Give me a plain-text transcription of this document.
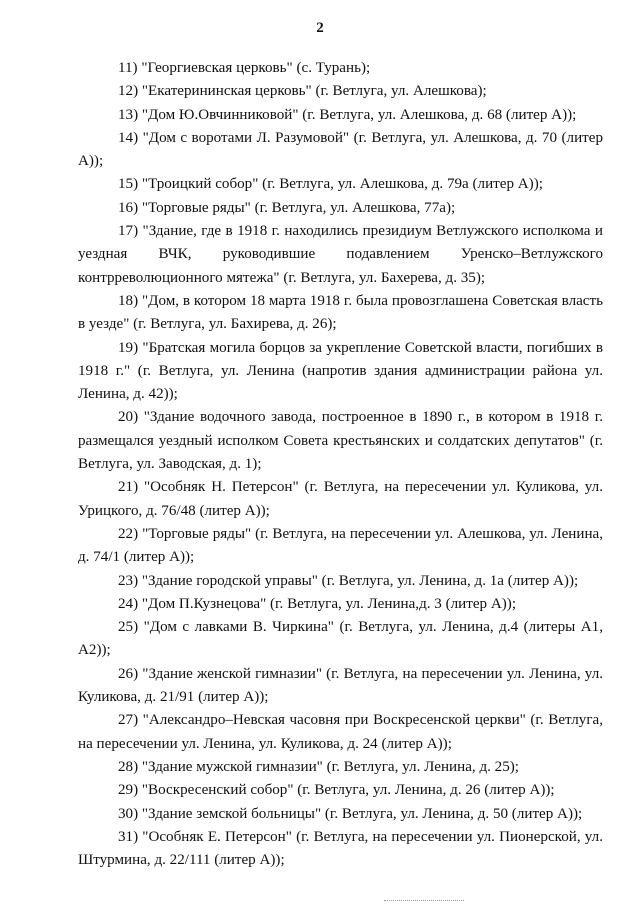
2

11) "Георгиевская церковь" (с. Турань);

12) "Екатерининская церковь" (г. Ветлуга, ул. Алешкова);

13) "Дом Ю.Овчинниковой" (г. Ветлуга, ул. Алешкова, д. 68 (литер А));

14) "Дом с воротами Л. Разумовой" (г. Ветлуга, ул. Алешкова, д. 70 (литер А));

15) "Троицкий собор" (г. Ветлуга, ул. Алешкова, д. 79а (литер А));

16) "Торговые ряды" (г. Ветлуга, ул. Алешкова, 77а);

17) "Здание, где в 1918 г. находились президиум Ветлужского исполкома и уездная ВЧК, руководившие подавлением Уренско–Ветлужского контрреволюционного мятежа" (г. Ветлуга, ул. Бахерева, д. 35);

18) "Дом, в котором 18 марта 1918 г. была провозглашена Советская власть в уезде" (г. Ветлуга, ул. Бахирева, д. 26);

19) "Братская могила борцов за укрепление Советской власти, погибших в 1918 г." (г. Ветлуга, ул. Ленина (напротив здания администрации района ул. Ленина, д. 42));

20) "Здание водочного завода, построенное в 1890 г., в котором в 1918 г. размещался уездный исполком Совета крестьянских и солдатских депутатов" (г. Ветлуга, ул. Заводская, д. 1);

21) "Особняк Н. Петерсон" (г. Ветлуга, на пересечении ул. Куликова, ул. Урицкого, д. 76/48 (литер А));

22) "Торговые ряды" (г. Ветлуга, на пересечении ул. Алешкова, ул. Ленина, д. 74/1 (литер А));

23) "Здание городской управы" (г. Ветлуга, ул. Ленина, д. 1а (литер А));

24) "Дом П.Кузнецова" (г. Ветлуга, ул. Ленина,д. 3 (литер А));

25) "Дом с лавками В. Чиркина" (г. Ветлуга, ул. Ленина, д.4 (литеры А1, А2));

26) "Здание женской гимназии" (г. Ветлуга, на пересечении ул. Ленина, ул. Куликова, д. 21/91 (литер А));

27) "Александро–Невская часовня при Воскресенской церкви" (г. Ветлуга, на пересечении ул. Ленина, ул. Куликова, д. 24 (литер А));

28) "Здание мужской гимназии" (г. Ветлуга, ул. Ленина, д. 25);

29) "Воскресенский собор" (г. Ветлуга, ул. Ленина, д. 26 (литер А));

30) "Здание земской больницы" (г. Ветлуга, ул. Ленина, д. 50 (литер А));

31) "Особняк Е. Петерсон" (г. Ветлуга, на пересечении ул. Пионерской, ул. Штурмина, д. 22/111 (литер А));
